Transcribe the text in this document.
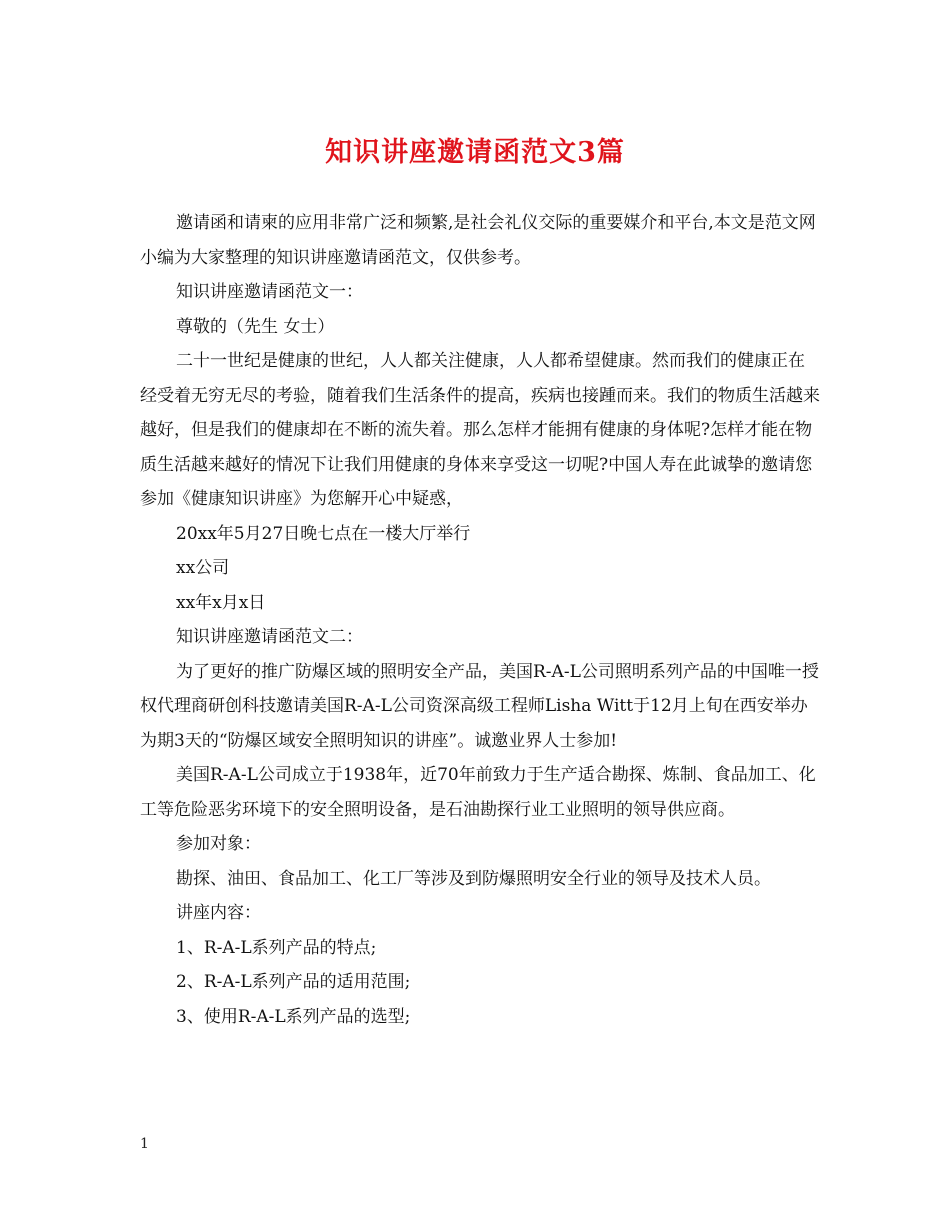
知识讲座邀请函范文3篇

邀请函和请柬的应用非常广泛和频繁,是社会礼仪交际的重要媒介和平台,本文是范文网小编为大家整理的知识讲座邀请函范文，仅供参考。

知识讲座邀请函范文一：

尊敬的（先生 女士）

二十一世纪是健康的世纪，人人都关注健康，人人都希望健康。然而我们的健康正在经受着无穷无尽的考验，随着我们生活条件的提高，疾病也接踵而来。我们的物质生活越来越好，但是我们的健康却在不断的流失着。那么怎样才能拥有健康的身体呢?怎样才能在物质生活越来越好的情况下让我们用健康的身体来享受这一切呢?中国人寿在此诚挚的邀请您参加《健康知识讲座》为您解开心中疑惑，

20xx年5月27日晚七点在一楼大厅举行

xx公司

xx年x月x日

知识讲座邀请函范文二：

为了更好的推广防爆区域的照明安全产品，美国R-A-L公司照明系列产品的中国唯一授权代理商研创科技邀请美国R-A-L公司资深高级工程师Lisha Witt于12月上旬在西安举办为期3天的“防爆区域安全照明知识的讲座”。诚邀业界人士参加!

美国R-A-L公司成立于1938年，近70年前致力于生产适合勘探、炼制、食品加工、化工等危险恶劣环境下的安全照明设备，是石油勘探行业工业照明的领导供应商。

参加对象：

勘探、油田、食品加工、化工厂等涉及到防爆照明安全行业的领导及技术人员。

讲座内容：

1、R-A-L系列产品的特点;

2、R-A-L系列产品的适用范围;

3、使用R-A-L系列产品的选型;

1
